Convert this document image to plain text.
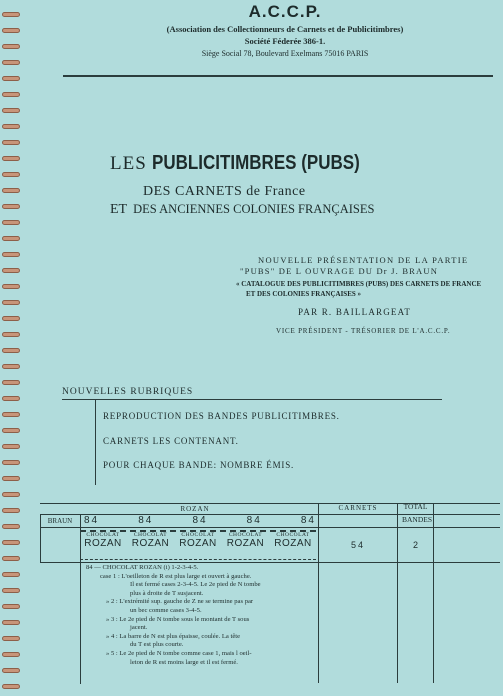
A.C.C.P.
(Association des Collectionneurs de Carnets et de Publicitimbres)
Société Féderée 386-1.
Siège Social 78, Boulevard Exelmans 75016 PARIS
LES PUBLICITIMBRES (PUBS)
DES CARNETS de France
ET DES ANCIENNES COLONIES FRANÇAISES
NOUVELLE PRÉSENTATION DE LA PARTIE
"PUBS" DE L OUVRAGE DU Dr J. BRAUN
« CATALOGUE DES PUBLICITIMBRES (PUBS) DES CARNETS DE FRANCE
ET DES COLONIES FRANÇAISES »
PAR R. BAILLARGEAT
VICE PRÉSIDENT - TRÉSORIER DE L'A.C.C.P.
NOUVELLES RUBRIQUES
REPRODUCTION DES BANDES PUBLICITIMBRES.
CARNETS LES CONTENANT.
POUR CHAQUE BANDE: NOMBRE ÉMIS.
ROZAN	CARNETS	TOTAL
BANDES
BRAUN	84	84	84	84	84
CHOCOLAT
ROZAN
CHOCOLAT
ROZAN
CHOCOLAT
ROZAN
CHOCOLAT
ROZAN
CHOCOLAT
ROZAN	54	2

84 — CHOCOLAT ROZAN (i) 1-2-3-4-5.

case 1 : L'oeilleton de R est plus large et ouvert à gauche.

Il est fermé cases 2-3-4-5. Le 2e pied de N tombe

plus à droite de T susjacent.

» 2 : L'extrémité sup. gauche de Z ne se termine pas par

un bec comme cases 3-4-5.

» 3 : Le 2e pied de N tombe sous le montant de T sous

jacent.

» 4 : La barre de N est plus épaisse, coulée. La tête

du T est plus courte.

» 5 : Le 2e pied de N tombe comme case 1, mais l oeil-

leton de R est moins large et il est fermé.
